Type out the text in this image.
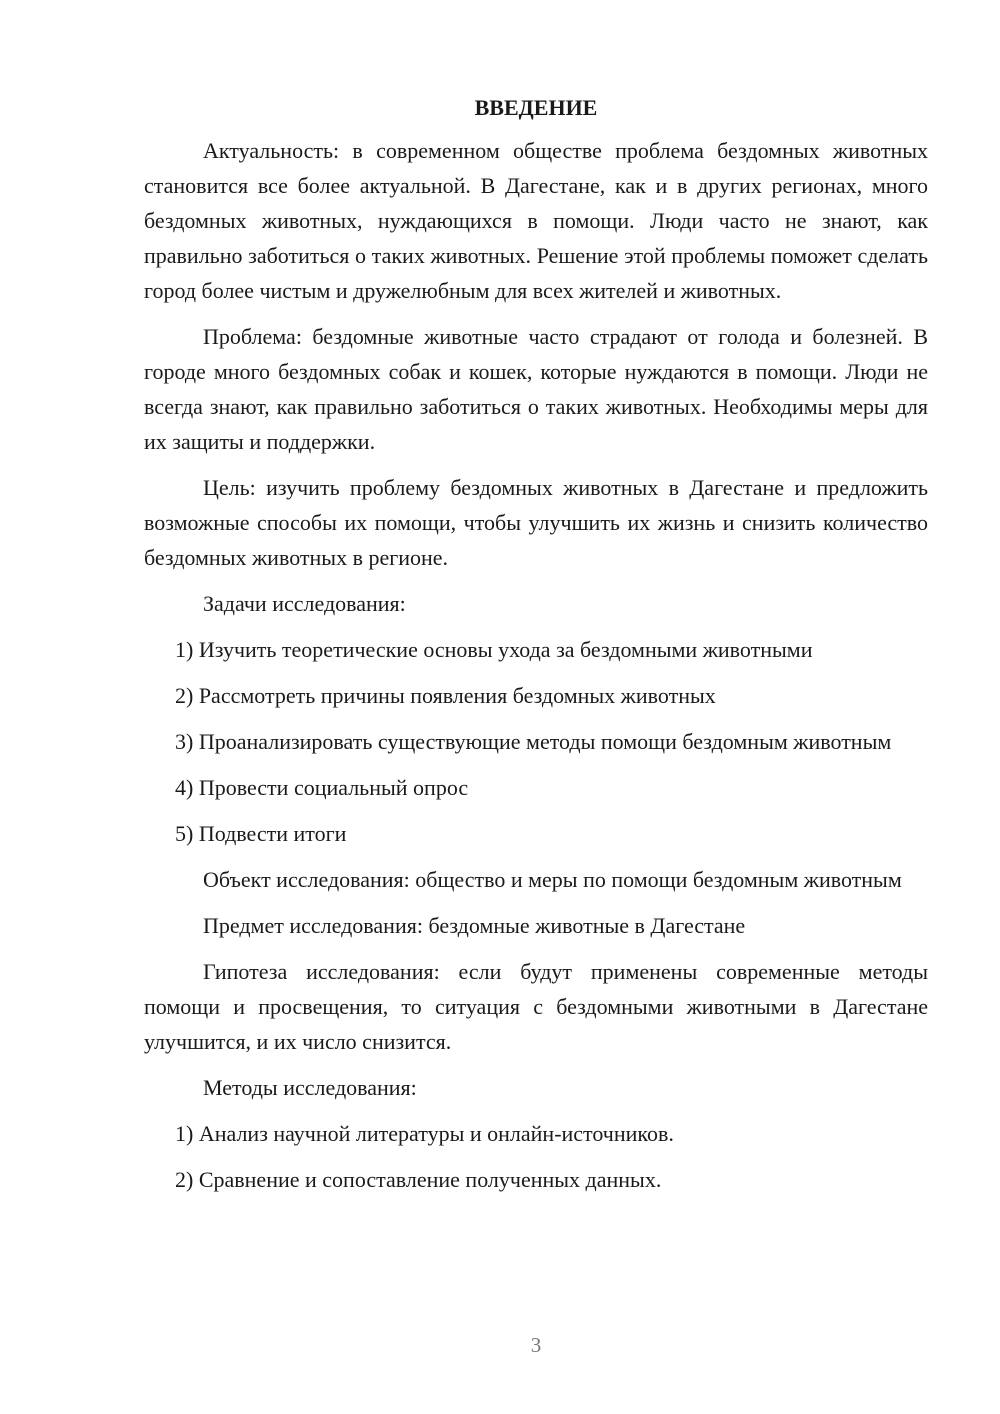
ВВЕДЕНИЕ

Актуальность: в современном обществе проблема бездомных животных становится все более актуальной. В Дагестане, как и в других регионах, много бездомных животных, нуждающихся в помощи. Люди часто не знают, как правильно заботиться о таких животных. Решение этой проблемы поможет сделать город более чистым и дружелюбным для всех жителей и животных.

Проблема: бездомные животные часто страдают от голода и болезней. В городе много бездомных собак и кошек, которые нуждаются в помощи. Люди не всегда знают, как правильно заботиться о таких животных. Необходимы меры для их защиты и поддержки.

Цель: изучить проблему бездомных животных в Дагестане и предложить возможные способы их помощи, чтобы улучшить их жизнь и снизить количество бездомных животных в регионе.

Задачи исследования:

1) Изучить теоретические основы ухода за бездомными животными

2) Рассмотреть причины появления бездомных животных

3) Проанализировать существующие методы помощи бездомным животным

4) Провести социальный опрос

5) Подвести итоги

Объект исследования: общество и меры по помощи бездомным животным

Предмет исследования: бездомные животные в Дагестане

Гипотеза исследования: если будут применены современные методы помощи и просвещения, то ситуация с бездомными животными в Дагестане улучшится, и их число снизится.

Методы исследования:

1) Анализ научной литературы и онлайн-источников.

2) Сравнение и сопоставление полученных данных.

3
